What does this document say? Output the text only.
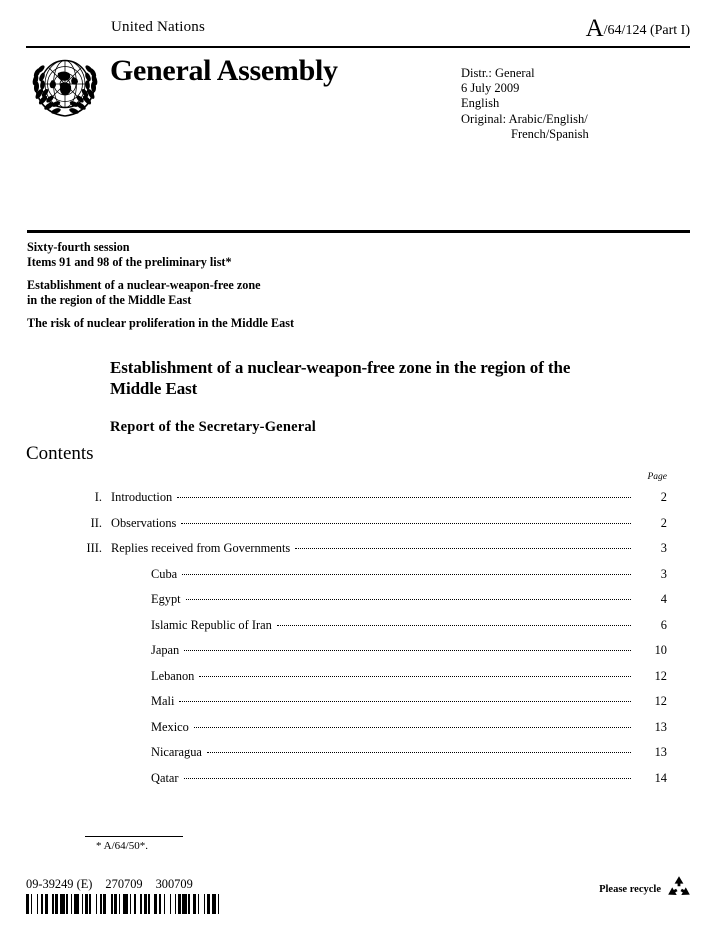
United Nations	A/64/124 (Part I)
General Assembly	Distr.: General
6 July 2009
English
Original: Arabic/English/
French/Spanish
Sixty-fourth session
Items 91 and 98 of the preliminary list*
Establishment of a nuclear-weapon-free zone
in the region of the Middle East
The risk of nuclear proliferation in the Middle East
Establishment of a nuclear-weapon-free zone in the region of the Middle East
Report of the Secretary-General
Contents
Page
I. Introduction	2
II. Observations	2
III. Replies received from Governments	3
Cuba	3
Egypt	4
Islamic Republic of Iran	6
Japan	10
Lebanon	12
Mali	12
Mexico	13
Nicaragua	13
Qatar	14
* A/64/50*.
09-39249 (E) 270709 300709	Please recycle
